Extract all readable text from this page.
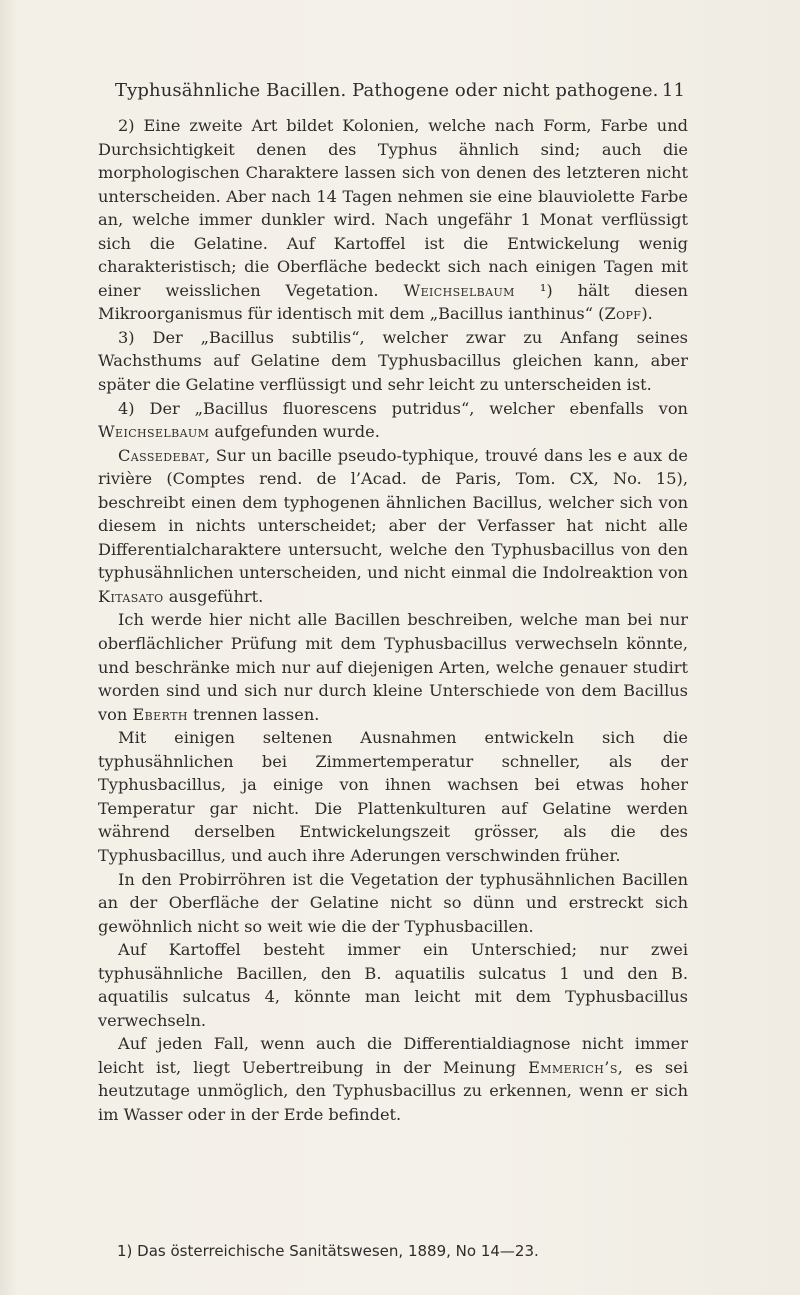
Typhusähnliche Bacillen. Pathogene oder nicht pathogene. 11

2) Eine zweite Art bildet Kolonien, welche nach Form, Farbe und Durchsichtigkeit denen des Typhus ähnlich sind; auch die morphologischen Charaktere lassen sich von denen des letzteren nicht unterscheiden. Aber nach 14 Tagen nehmen sie eine blauviolette Farbe an, welche immer dunkler wird. Nach ungefähr 1 Monat verflüssigt sich die Gelatine. Auf Kartoffel ist die Entwickelung wenig charakteristisch; die Oberfläche bedeckt sich nach einigen Tagen mit einer weisslichen Vegetation. Weichselbaum ¹) hält diesen Mikroorganismus für identisch mit dem „Bacillus ianthinus“ (Zopf).

3) Der „Bacillus subtilis“, welcher zwar zu Anfang seines Wachsthums auf Gelatine dem Typhusbacillus gleichen kann, aber später die Gelatine verflüssigt und sehr leicht zu unterscheiden ist.

4) Der „Bacillus fluorescens putridus“, welcher ebenfalls von Weichselbaum aufgefunden wurde.

Cassedebat, Sur un bacille pseudo-typhique, trouvé dans les e aux de rivière (Comptes rend. de l’Acad. de Paris, Tom. CX, No. 15), beschreibt einen dem typhogenen ähnlichen Bacillus, welcher sich von diesem in nichts unterscheidet; aber der Verfasser hat nicht alle Differentialcharaktere untersucht, welche den Typhusbacillus von den typhusähnlichen unterscheiden, und nicht einmal die Indolreaktion von Kitasato ausgeführt.

Ich werde hier nicht alle Bacillen beschreiben, welche man bei nur oberflächlicher Prüfung mit dem Typhusbacillus verwechseln könnte, und beschränke mich nur auf diejenigen Arten, welche genauer studirt worden sind und sich nur durch kleine Unterschiede von dem Bacillus von Eberth trennen lassen.

Mit einigen seltenen Ausnahmen entwickeln sich die typhusähnlichen bei Zimmertemperatur schneller, als der Typhusbacillus, ja einige von ihnen wachsen bei etwas hoher Temperatur gar nicht. Die Plattenkulturen auf Gelatine werden während derselben Entwickelungszeit grösser, als die des Typhusbacillus, und auch ihre Aderungen verschwinden früher.

In den Probirröhren ist die Vegetation der typhusähnlichen Bacillen an der Oberfläche der Gelatine nicht so dünn und erstreckt sich gewöhnlich nicht so weit wie die der Typhusbacillen.

Auf Kartoffel besteht immer ein Unterschied; nur zwei typhusähnliche Bacillen, den B. aquatilis sulcatus 1 und den B. aquatilis sulcatus 4, könnte man leicht mit dem Typhusbacillus verwechseln.

Auf jeden Fall, wenn auch die Differentialdiagnose nicht immer leicht ist, liegt Uebertreibung in der Meinung Emmerich’s, es sei heutzutage unmöglich, den Typhusbacillus zu erkennen, wenn er sich im Wasser oder in der Erde befindet.

1) Das österreichische Sanitätswesen, 1889, No 14—23.
